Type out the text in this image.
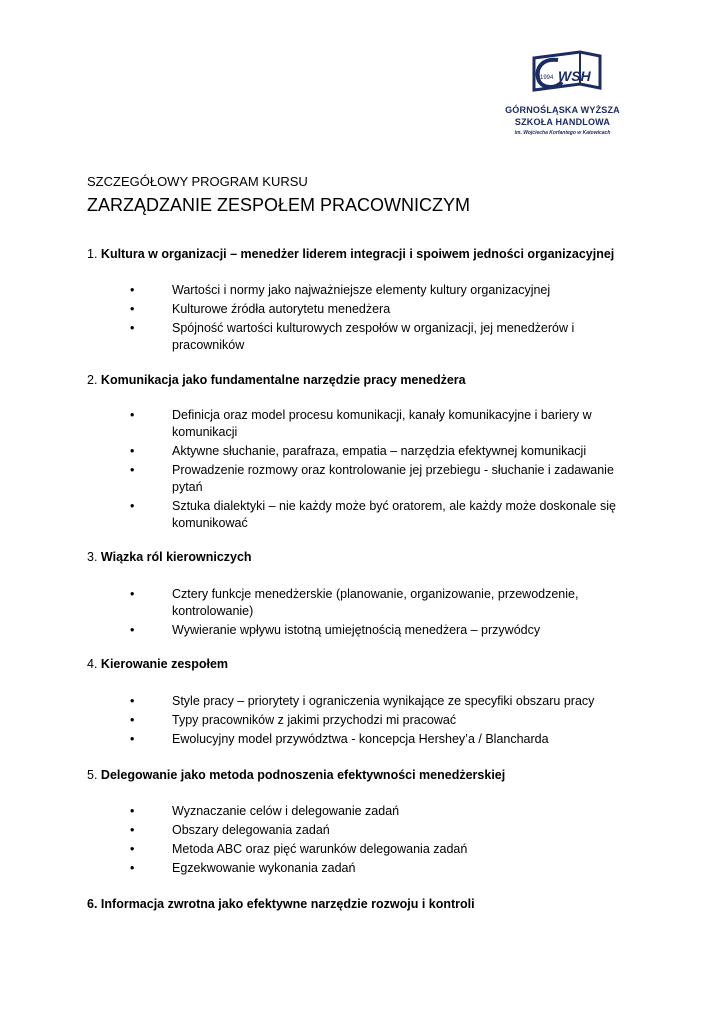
1994 WSH
GÓRNOŚLĄSKA WYŻSZA
SZKOŁA HANDLOWA
im. Wojciecha Korfantego w Katowicach
SZCZEGÓŁOWY PROGRAM KURSU
ZARZĄDZANIE ZESPOŁEM PRACOWNICZYM
1. Kultura w organizacji – menedżer liderem integracji i spoiwem jedności organizacyjnej
•	Wartości i normy jako najważniejsze elementy kultury organizacyjnej
•	Kulturowe źródła autorytetu menedżera
•	Spójność wartości kulturowych zespołów w organizacji, jej menedżerów i pracowników
2. Komunikacja jako fundamentalne narzędzie pracy menedżera
•	Definicja oraz model procesu komunikacji, kanały komunikacyjne i bariery w komunikacji
•	Aktywne słuchanie, parafraza, empatia – narzędzia efektywnej komunikacji
•	Prowadzenie rozmowy oraz kontrolowanie jej przebiegu - słuchanie i zadawanie pytań
•	Sztuka dialektyki – nie każdy może być oratorem, ale każdy może doskonale się komunikować
3. Wiązka ról kierowniczych
•	Cztery funkcje menedżerskie (planowanie, organizowanie, przewodzenie, kontrolowanie)
•	Wywieranie wpływu istotną umiejętnością menedżera – przywódcy
4. Kierowanie zespołem
•	Style pracy – priorytety i ograniczenia wynikające ze specyfiki obszaru pracy
•	Typy pracowników z jakimi przychodzi mi pracować
•	Ewolucyjny model przywództwa - koncepcja Hershey’a / Blancharda
5. Delegowanie jako metoda podnoszenia efektywności menedżerskiej
•	Wyznaczanie celów i delegowanie zadań
•	Obszary delegowania zadań
•	Metoda ABC oraz pięć warunków delegowania zadań
•	Egzekwowanie wykonania zadań
6. Informacja zwrotna jako efektywne narzędzie rozwoju i kontroli
